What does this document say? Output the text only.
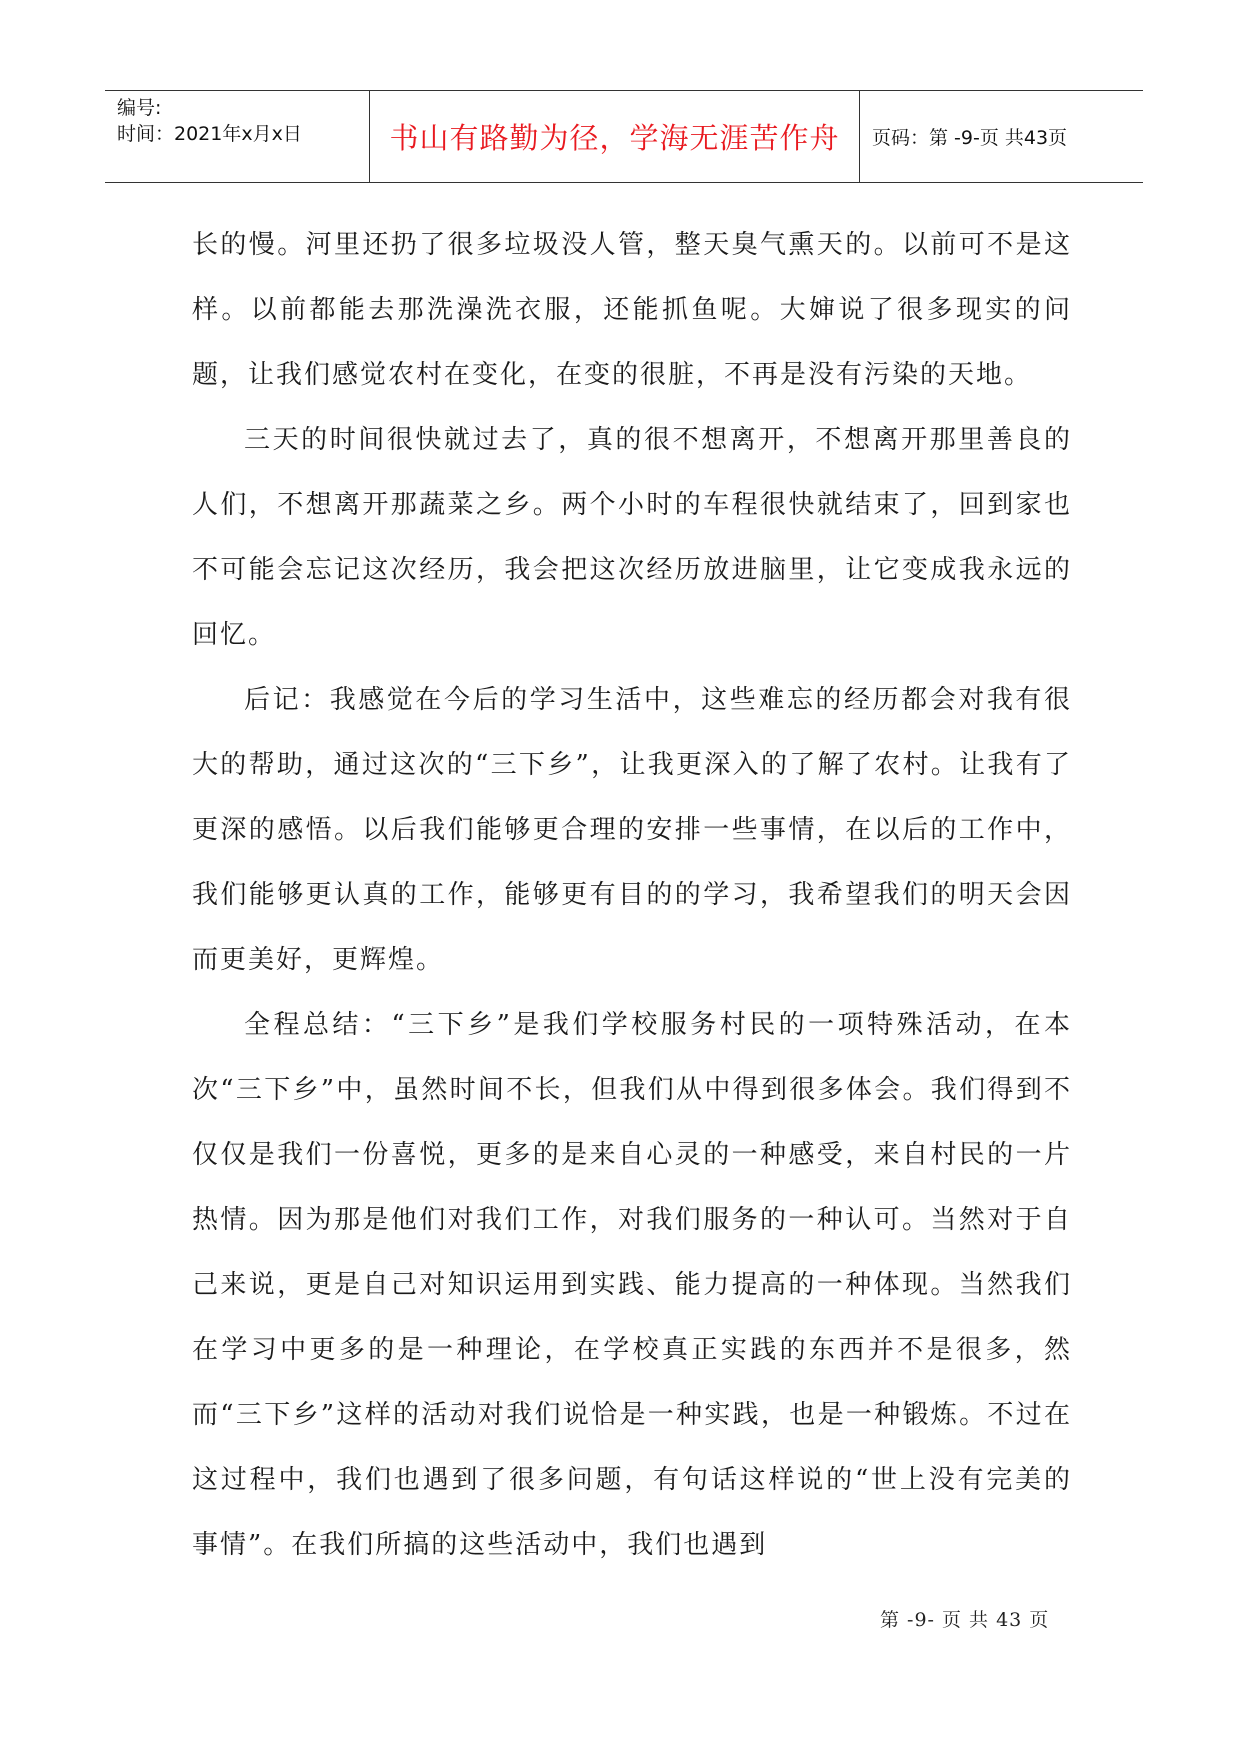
编号:
时间：2021年x月x日	书山有路勤为径，学海无涯苦作舟 页码：第 -9-页 共43页

长的慢。河里还扔了很多垃圾没人管，整天臭气熏天的。以前可不是这样。以前都能去那洗澡洗衣服，还能抓鱼呢。大婶说了很多现实的问题，让我们感觉农村在变化，在变的很脏，不再是没有污染的天地。

三天的时间很快就过去了，真的很不想离开，不想离开那里善良的人们，不想离开那蔬菜之乡。两个小时的车程很快就结束了，回到家也不可能会忘记这次经历，我会把这次经历放进脑里，让它变成我永远的回忆。

后记：我感觉在今后的学习生活中，这些难忘的经历都会对我有很大的帮助，通过这次的“三下乡”，让我更深入的了解了农村。让我有了更深的感悟。以后我们能够更合理的安排一些事情，在以后的工作中，我们能够更认真的工作，能够更有目的的学习，我希望我们的明天会因而更美好，更辉煌。

全程总结：“三下乡”是我们学校服务村民的一项特殊活动，在本次“三下乡”中，虽然时间不长，但我们从中得到很多体会。我们得到不仅仅是我们一份喜悦，更多的是来自心灵的一种感受，来自村民的一片热情。因为那是他们对我们工作，对我们服务的一种认可。当然对于自己来说，更是自己对知识运用到实践、能力提高的一种体现。当然我们在学习中更多的是一种理论，在学校真正实践的东西并不是很多，然而“三下乡”这样的活动对我们说恰是一种实践，也是一种锻炼。不过在这过程中，我们也遇到了很多问题，有句话这样说的“世上没有完美的事情”。在我们所搞的这些活动中，我们也遇到

第 -9- 页 共 43 页
